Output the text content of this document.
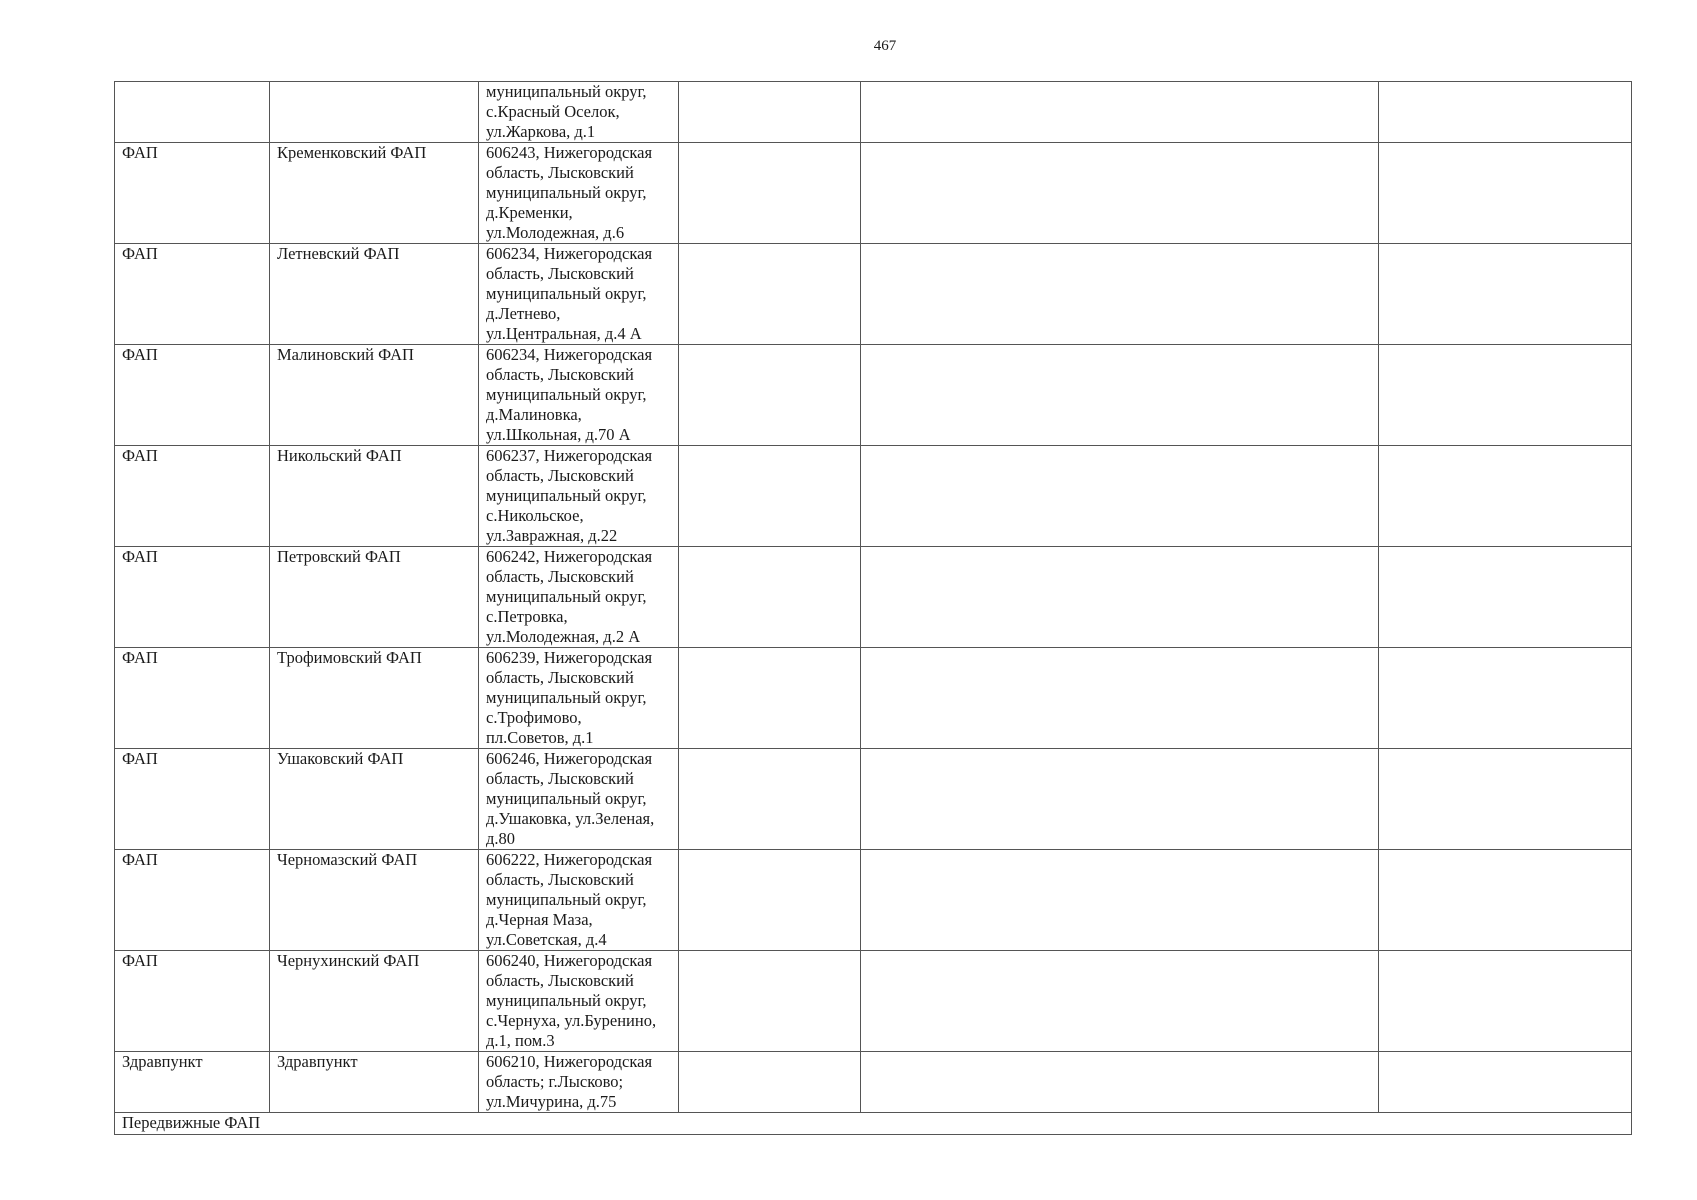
467

		муниципальный округ,
с.Красный Оселок,
ул.Жаркова, д.1			

ФАП	Кременковский ФАП	606243, Нижегородская
область, Лысковский
муниципальный округ,
д.Кременки,
ул.Молодежная, д.6			

ФАП	Летневский ФАП	606234, Нижегородская
область, Лысковский
муниципальный округ,
д.Летнево,
ул.Центральная, д.4 А			

ФАП	Малиновский ФАП	606234, Нижегородская
область, Лысковский
муниципальный округ,
д.Малиновка,
ул.Школьная, д.70 А			

ФАП	Никольский ФАП	606237, Нижегородская
область, Лысковский
муниципальный округ,
с.Никольское,
ул.Завражная, д.22			

ФАП	Петровский ФАП	606242, Нижегородская
область, Лысковский
муниципальный округ,
с.Петровка,
ул.Молодежная, д.2 А			

ФАП	Трофимовский ФАП	606239, Нижегородская
область, Лысковский
муниципальный округ,
с.Трофимово,
пл.Советов, д.1			

ФАП	Ушаковский ФАП	606246, Нижегородская
область, Лысковский
муниципальный округ,
д.Ушаковка, ул.Зеленая,
д.80			

ФАП	Черномазский ФАП	606222, Нижегородская
область, Лысковский
муниципальный округ,
д.Черная Маза,
ул.Советская, д.4			

ФАП	Чернухинский ФАП	606240, Нижегородская
область, Лысковский
муниципальный округ,
с.Чернуха, ул.Буренино,
д.1, пом.3			

Здравпункт	Здравпункт	606210, Нижегородская
область; г.Лысково;
ул.Мичурина, д.75			

Передвижные ФАП					
